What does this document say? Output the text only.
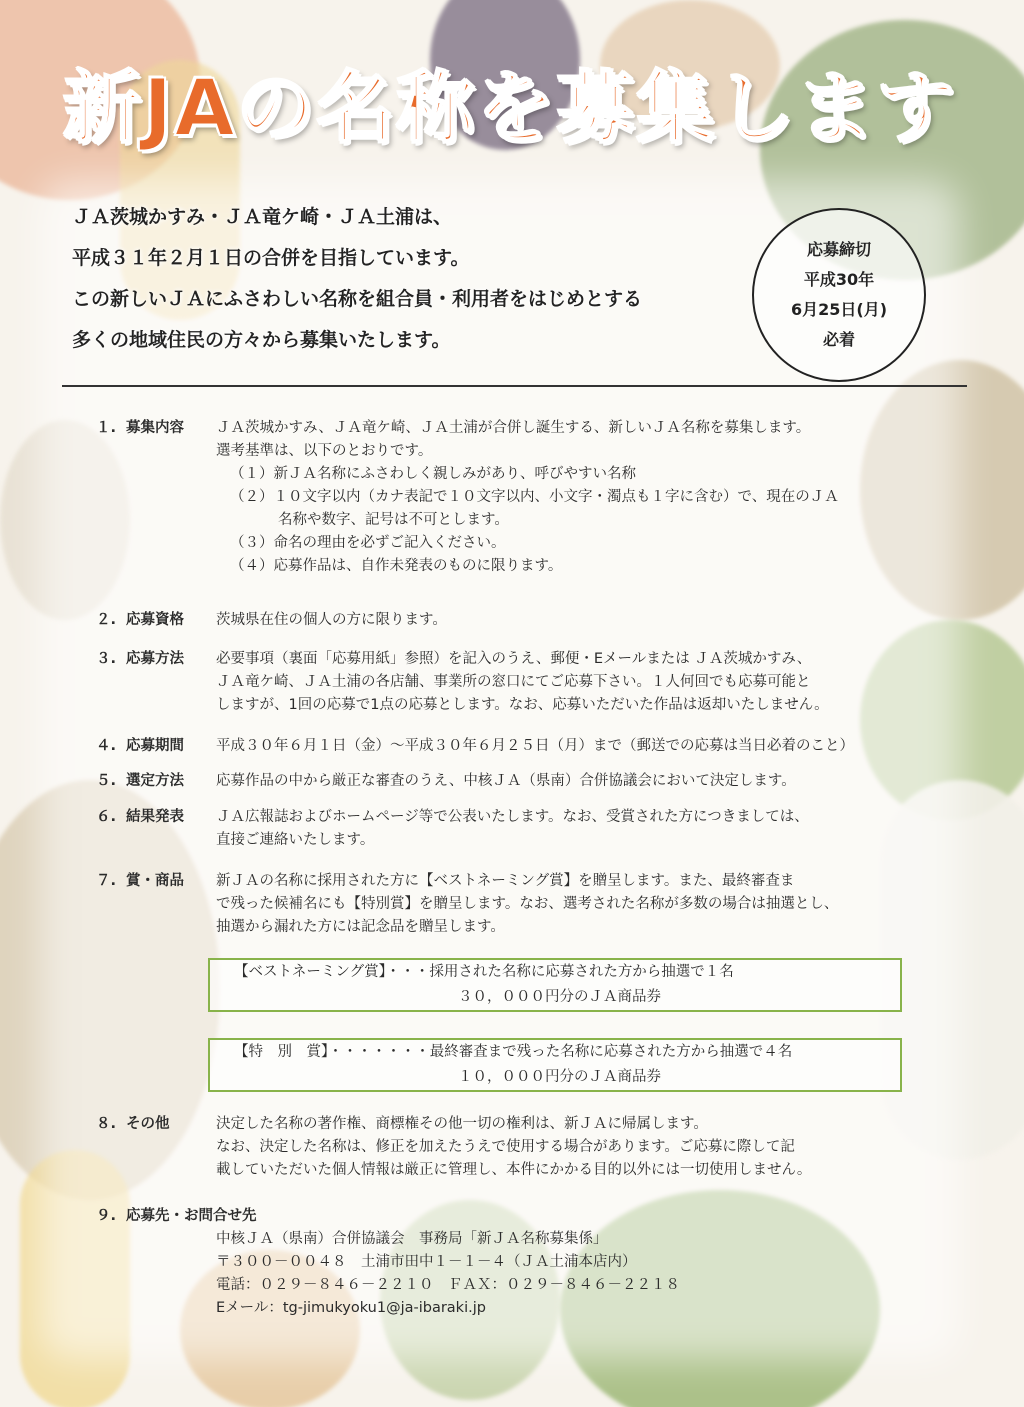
新JAの名称を募集します

ＪＡ茨城かすみ・ＪＡ竜ケ崎・ＪＡ土浦は、

平成３１年２月１日の合併を目指しています。

この新しいＪＡにふさわしい名称を組合員・利用者をはじめとする

多くの地域住民の方々から募集いたします。

応募締切
平成30年
6月25日(月)
必着
１. 募集内容	ＪＡ茨城かすみ、ＪＡ竜ケ崎、ＪＡ土浦が合併し誕生する、新しいＪＡ名称を募集します。
選考基準は、以下のとおりです。
（１）新ＪＡ名称にふさわしく親しみがあり、呼びやすい名称
（２）１０文字以内（カナ表記で１０文字以内、小文字・濁点も１字に含む）で、現在のＪＡ
名称や数字、記号は不可とします。
（３）命名の理由を必ずご記入ください。
（４）応募作品は、自作未発表のものに限ります。
２. 応募資格	茨城県在住の個人の方に限ります。
３. 応募方法	必要事項（裏面「応募用紙」参照）を記入のうえ、郵便・Eメールまたは ＪＡ茨城かすみ、
ＪＡ竜ケ崎、ＪＡ土浦の各店舗、事業所の窓口にてご応募下さい。１人何回でも応募可能と
しますが、1回の応募で1点の応募とします。なお、応募いただいた作品は返却いたしません。
４. 応募期間	平成３０年６月１日（金）～平成３０年６月２５日（月）まで（郵送での応募は当日必着のこと）
５. 選定方法	応募作品の中から厳正な審査のうえ、中核ＪＡ（県南）合併協議会において決定します。
６. 結果発表	ＪＡ広報誌およびホームページ等で公表いたします。なお、受賞された方につきましては、
直接ご連絡いたします。
７. 賞・商品	新ＪＡの名称に採用された方に【ベストネーミング賞】を贈呈します。また、最終審査ま
で残った候補名にも【特別賞】を贈呈します。なお、選考された名称が多数の場合は抽選とし、
抽選から漏れた方には記念品を贈呈します。
【ベストネーミング賞】・・・採用された名称に応募された方から抽選で１名
３０，０００円分のＪＡ商品券
【特　別　賞】・・・・・・・最終審査まで残った名称に応募された方から抽選で４名
１０，０００円分のＪＡ商品券
８. その他	決定した名称の著作権、商標権その他一切の権利は、新ＪＡに帰属します。
なお、決定した名称は、修正を加えたうえで使用する場合があります。ご応募に際して記
載していただいた個人情報は厳正に管理し、本件にかかる目的以外には一切使用しません。
９. 応募先・お問合せ先
中核ＪＡ（県南）合併協議会　事務局「新ＪＡ名称募集係」
〒３００－００４８　土浦市田中１－１－４（ＪＡ土浦本店内）
電話：０２９－８４６－２２１０　ＦＡＸ：０２９－８４６－２２１８
Eメール：tg-jimukyoku1@ja-ibaraki.jp
